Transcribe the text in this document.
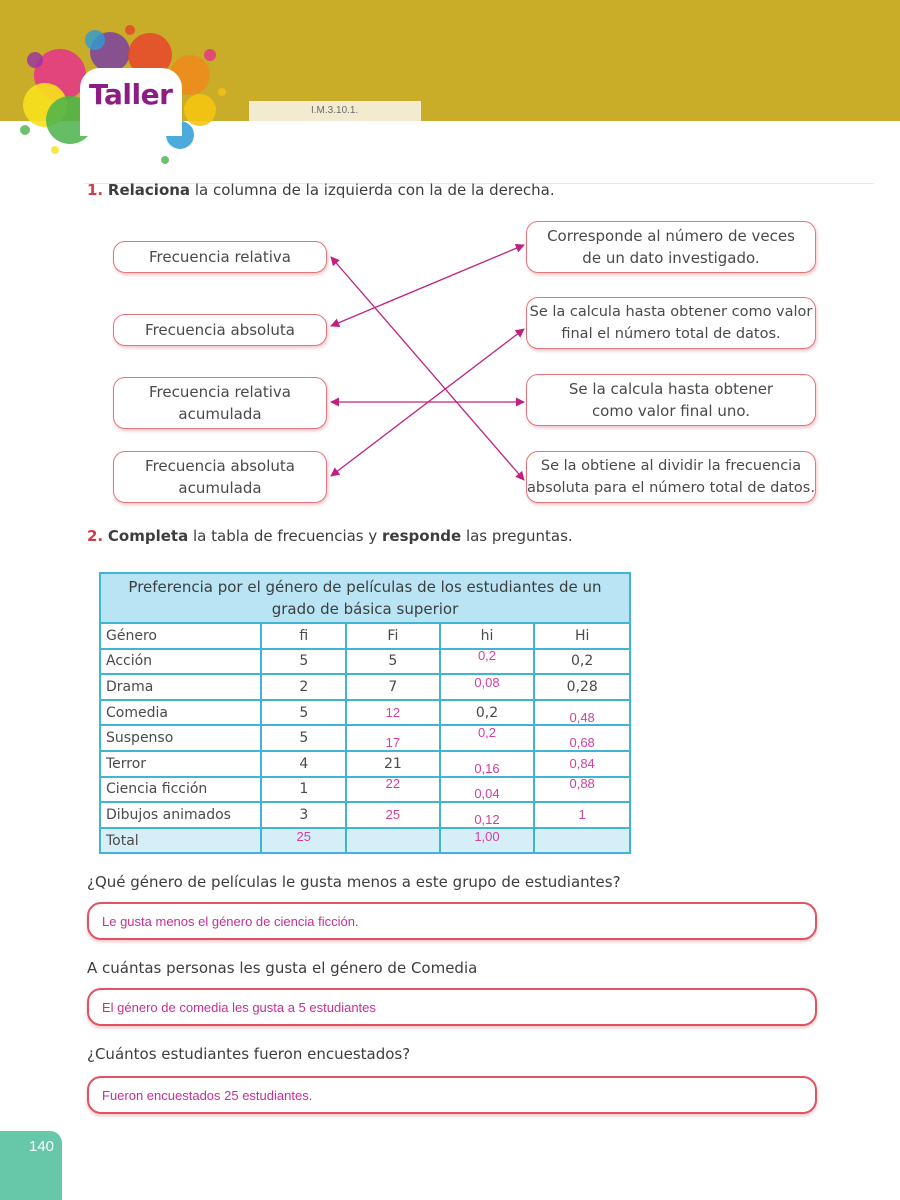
Taller	I.M.3.10.1.
1. Relaciona la columna de la izquierda con la de la derecha.
Frecuencia relativa
Frecuencia absoluta
Frecuencia relativa
acumulada
Frecuencia absoluta
acumulada
Corresponde al número de veces
de un dato investigado.
Se la calcula hasta obtener como valor
final el número total de datos.
Se la calcula hasta obtener
como valor final uno.
Se la obtiene al dividir la frecuencia
absoluta para el número total de datos.
2. Completa la tabla de frecuencias y responde las preguntas.
Preferencia por el género de películas de los estudiantes de un grado de básica superior				
Género	fi	Fi	hi	Hi
Acción	5	5	0,2	0,2
Drama	2	7	0,08	0,28
Comedia	5	12	0,2	0,48
Suspenso	5	17	0,2	0,68
Terror	4	21	0,16	0,84
Ciencia ficción	1	22	0,04	0,88
Dibujos animados	3	25	0,12	1
Total	25		1,00	
¿Qué género de películas le gusta menos a este grupo de estudiantes?
Le gusta menos el género de ciencia ficción.
A cuántas personas les gusta el género de Comedia
El género de comedia les gusta a 5 estudiantes
¿Cuántos estudiantes fueron encuestados?
Fueron encuestados 25 estudiantes.
140
